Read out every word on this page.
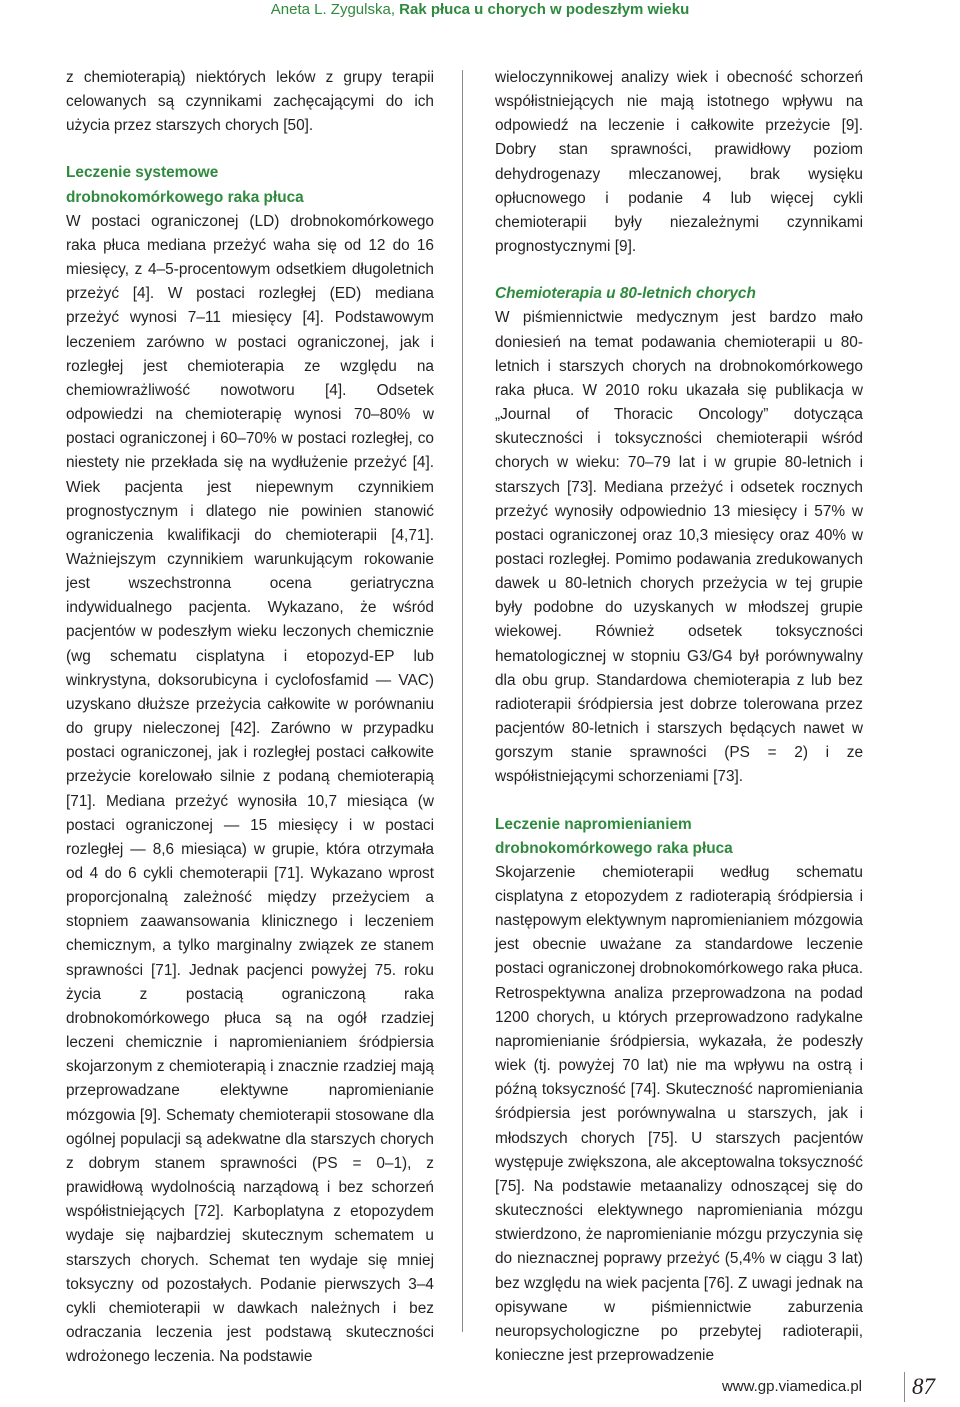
Aneta L. Zygulska, Rak płuca u chorych w podeszłym wieku

z chemioterapią) niektórych leków z grupy terapii celowanych są czynnikami zachęcającymi do ich użycia przez starszych chorych [50].

Leczenie systemowe
drobnokomórkowego raka płuca

W postaci ograniczonej (LD) drobnokomórkowego raka płuca mediana przeżyć waha się od 12 do 16 miesięcy, z 4–5-procentowym odsetkiem długoletnich przeżyć [4]. W postaci rozległej (ED) mediana przeżyć wynosi 7–11 miesięcy [4]. Podstawowym leczeniem zarówno w postaci ograniczonej, jak i rozległej jest chemioterapia ze względu na chemiowrażliwość nowotworu [4]. Odsetek odpowiedzi na chemioterapię wynosi 70–80% w postaci ograniczonej i 60–70% w postaci rozległej, co niestety nie przekłada się na wydłużenie przeżyć [4]. Wiek pacjenta jest niepewnym czynnikiem prognostycznym i dlatego nie powinien stanowić ograniczenia kwalifikacji do chemioterapii [4,71]. Ważniejszym czynnikiem warunkującym rokowanie jest wszechstronna ocena geriatryczna indywidualnego pacjenta. Wykazano, że wśród pacjentów w podeszłym wieku leczonych chemicznie (wg schematu cisplatyna i etopozyd-EP lub winkrystyna, doksorubicyna i cyclofosfamid — VAC) uzyskano dłuższe przeżycia całkowite w porównaniu do grupy nieleczonej [42]. Zarówno w przypadku postaci ograniczonej, jak i rozległej postaci całkowite przeżycie korelowało silnie z podaną chemioterapią [71]. Mediana przeżyć wynosiła 10,7 miesiąca (w postaci ograniczonej — 15 miesięcy i w postaci rozległej — 8,6 miesiąca) w grupie, która otrzymała od 4 do 6 cykli chemoterapii [71]. Wykazano wprost proporcjonalną zależność między przeżyciem a stopniem zaawansowania klinicznego i leczeniem chemicznym, a tylko marginalny związek ze stanem sprawności [71]. Jednak pacjenci powyżej 75. roku życia z postacią ograniczoną raka drobnokomórkowego płuca są na ogół rzadziej leczeni chemicznie i napromienianiem śródpiersia skojarzonym z chemioterapią i znacznie rzadziej mają przeprowadzane elektywne napromienianie mózgowia [9]. Schematy chemioterapii stosowane dla ogólnej populacji są adekwatne dla starszych chorych z dobrym stanem sprawności (PS = 0–1), z prawidłową wydolnością narządową i bez schorzeń współistniejących [72]. Karboplatyna z etopozydem wydaje się najbardziej skutecznym schematem u starszych chorych. Schemat ten wydaje się mniej toksyczny od pozostałych. Podanie pierwszych 3–4 cykli chemioterapii w dawkach należnych i bez odraczania leczenia jest podstawą skuteczności wdrożonego leczenia. Na podstawie

wieloczynnikowej analizy wiek i obecność schorzeń współistniejących nie mają istotnego wpływu na odpowiedź na leczenie i całkowite przeżycie [9]. Dobry stan sprawności, prawidłowy poziom dehydrogenazy mleczanowej, brak wysięku opłucnowego i podanie 4 lub więcej cykli chemioterapii były niezależnymi czynnikami prognostycznymi [9].

Chemioterapia u 80-letnich chorych

W piśmiennictwie medycznym jest bardzo mało doniesień na temat podawania chemioterapii u 80-letnich i starszych chorych na drobnokomórkowego raka płuca. W 2010 roku ukazała się publikacja w „Journal of Thoracic Oncology” dotycząca skuteczności i toksyczności chemioterapii wśród chorych w wieku: 70–79 lat i w grupie 80-letnich i starszych [73]. Mediana przeżyć i odsetek rocznych przeżyć wynosiły odpowiednio 13 miesięcy i 57% w postaci ograniczonej oraz 10,3 miesięcy oraz 40% w postaci rozległej. Pomimo podawania zredukowanych dawek u 80-letnich chorych przeżycia w tej grupie były podobne do uzyskanych w młodszej grupie wiekowej. Również odsetek toksyczności hematologicznej w stopniu G3/G4 był porównywalny dla obu grup. Standardowa chemioterapia z lub bez radioterapii śródpiersia jest dobrze tolerowana przez pacjentów 80-letnich i starszych będących nawet w gorszym stanie sprawności (PS = 2) i ze współistniejącymi schorzeniami [73].

Leczenie napromienianiem
drobnokomórkowego raka płuca

Skojarzenie chemioterapii według schematu cisplatyna z etopozydem z radioterapią śródpiersia i następowym elektywnym napromienianiem mózgowia jest obecnie uważane za standardowe leczenie postaci ograniczonej drobnokomórkowego raka płuca. Retrospektywna analiza przeprowadzona na podad 1200 chorych, u których przeprowadzono radykalne napromienianie śródpiersia, wykazała, że podeszły wiek (tj. powyżej 70 lat) nie ma wpływu na ostrą i późną toksyczność [74]. Skuteczność napromieniania śródpiersia jest porównywalna u starszych, jak i młodszych chorych [75]. U starszych pacjentów występuje zwiększona, ale akceptowalna toksyczność [75]. Na podstawie metaanalizy odnoszącej się do skuteczności elektywnego napromieniania mózgu stwierdzono, że napromienianie mózgu przyczynia się do nieznacznej poprawy przeżyć (5,4% w ciągu 3 lat) bez względu na wiek pacjenta [76]. Z uwagi jednak na opisywane w piśmiennictwie zaburzenia neuropsychologiczne po przebytej radioterapii, konieczne jest przeprowadzenie

www.gp.viamedica.pl 87
